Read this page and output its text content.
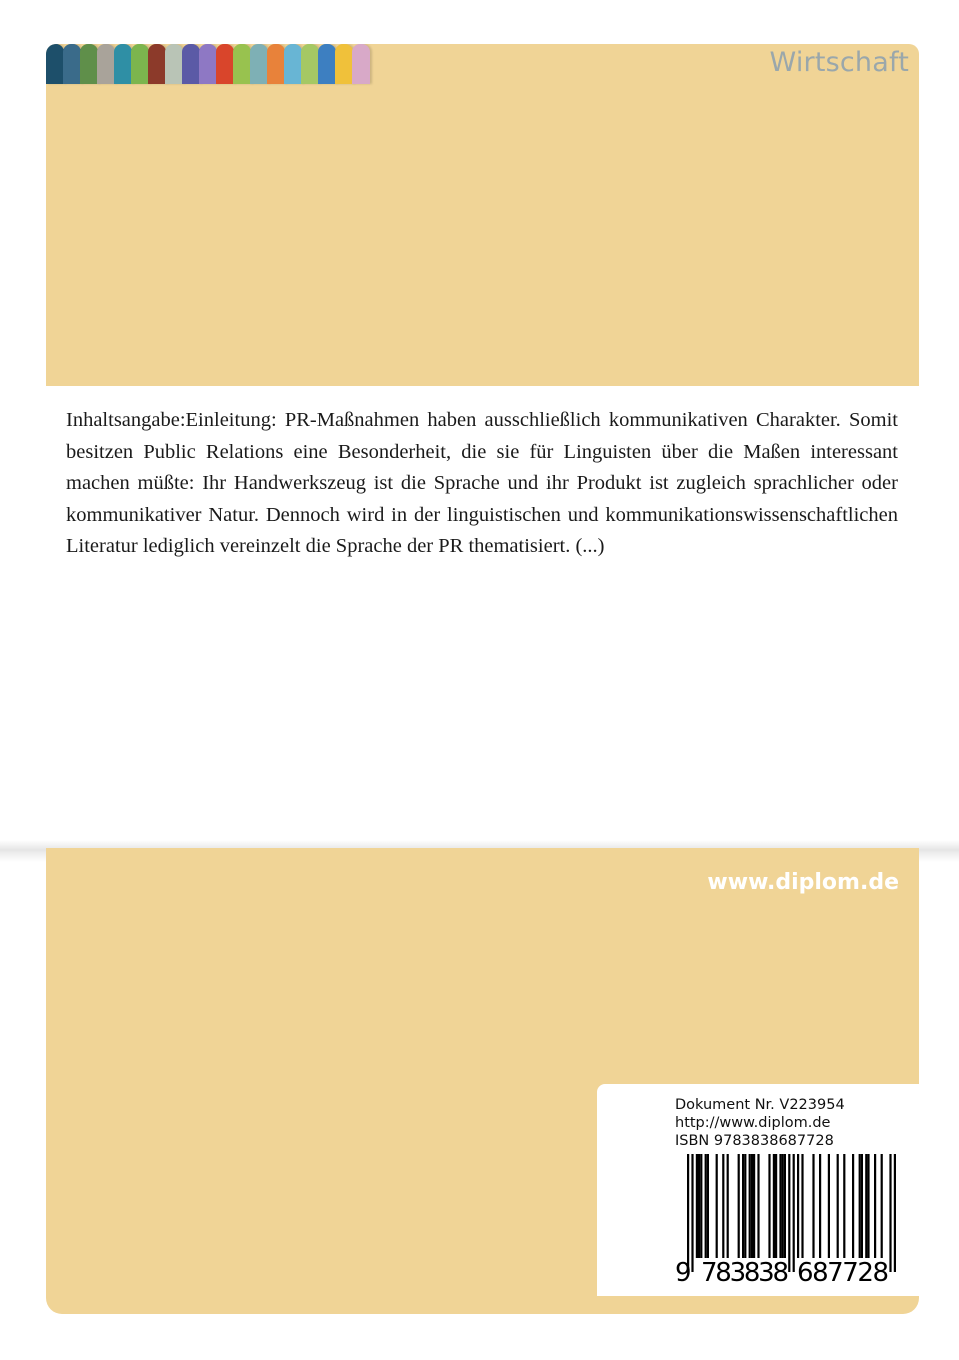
Wirtschaft

Inhaltsangabe:Einleitung: PR-Maßnahmen haben ausschließlich kommunikativen Charakter. Somit besitzen Public Relations eine Besonderheit, die sie für Linguisten über die Maßen interessant machen müßte: Ihr Handwerkszeug ist die Sprache und ihr Produkt ist zugleich sprachlicher oder kommunikativer Natur. Dennoch wird in der linguistischen und kommunikationswissenschaftlichen Literatur lediglich vereinzelt die Sprache der PR thematisiert. (...)

www.diplom.de
Dokument Nr. V223954
http://www.diplom.de
ISBN 9783838687728
9 783838 687728
